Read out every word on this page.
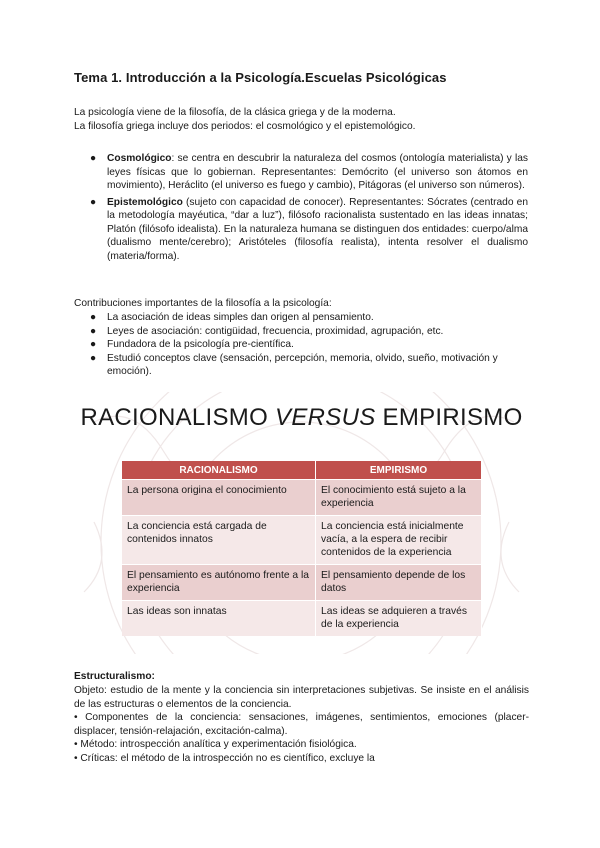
Tema 1. Introducción a la Psicología.Escuelas Psicológicas
La psicología viene de la filosofía, de la clásica griega y de la moderna.
La filosofía griega incluye dos periodos: el cosmológico y el epistemológico.
● Cosmológico: se centra en descubrir la naturaleza del cosmos (ontología materialista) y las leyes físicas que lo gobiernan. Representantes: Demócrito (el universo son átomos en movimiento), Heráclito (el universo es fuego y cambio), Pitágoras (el universo son números).
● Epistemológico (sujeto con capacidad de conocer). Representantes: Sócrates (centrado en la metodología mayéutica, “dar a luz”), filósofo racionalista sustentado en las ideas innatas; Platón (filósofo idealista). En la naturaleza humana se distinguen dos entidades: cuerpo/alma (dualismo mente/cerebro); Aristóteles (filosofía realista), intenta resolver el dualismo (materia/forma).
Contribuciones importantes de la filosofía a la psicología:
● La asociación de ideas simples dan origen al pensamiento.
● Leyes de asociación: contigüidad, frecuencia, proximidad, agrupación, etc.
● Fundadora de la psicología pre-científica.
● Estudió conceptos clave (sensación, percepción, memoria, olvido, sueño, motivación y emoción).
RACIONALISMO VERSUS EMPIRISMO
RACIONALISMO	EMPIRISMO
La persona origina el conocimiento	El conocimiento está sujeto a la experiencia
La conciencia está cargada de contenidos innatos	La conciencia está inicialmente vacía, a la espera de recibir contenidos de la experiencia
El pensamiento es autónomo frente a la experiencia	El pensamiento depende de los datos
Las ideas son innatas	Las ideas se adquieren a través de la experiencia
Estructuralismo:
Objeto: estudio de la mente y la conciencia sin interpretaciones subjetivas. Se insiste en el análisis de las estructuras o elementos de la conciencia.
• Componentes de la conciencia: sensaciones, imágenes, sentimientos, emociones (placer-displacer, tensión-relajación, excitación-calma).
• Método: introspección analítica y experimentación fisiológica.
• Críticas: el método de la introspección no es científico, excluye la
